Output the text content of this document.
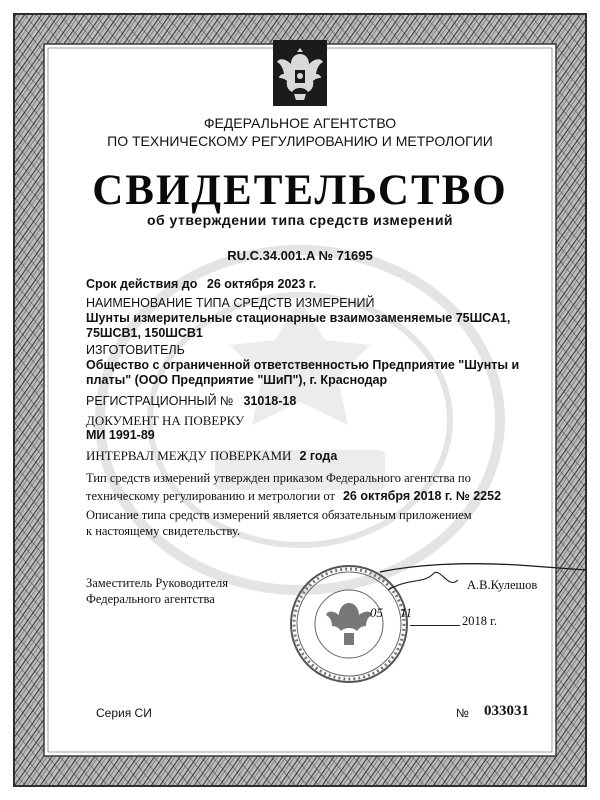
ФЕДЕРАЛЬНОЕ АГЕНТСТВО
ПО ТЕХНИЧЕСКОМУ РЕГУЛИРОВАНИЮ И МЕТРОЛОГИИ
СВИДЕТЕЛЬСТВО
об утверждении типа средств измерений
RU.C.34.001.A № 71695
Срок действия до 26 октября 2023 г.
НАИМЕНОВАНИЕ ТИПА СРЕДСТВ ИЗМЕРЕНИЙ
Шунты измерительные стационарные взаимозаменяемые 75ШСА1,
75ШСВ1, 150ШСВ1
ИЗГОТОВИТЕЛЬ
Общество с ограниченной ответственностью Предприятие "Шунты и
платы" (ООО Предприятие "ШиП"), г. Краснодар
РЕГИСТРАЦИОННЫЙ № 31018-18
ДОКУМЕНТ НА ПОВЕРКУ
МИ 1991-89
ИНТЕРВАЛ МЕЖДУ ПОВЕРКАМИ 2 года
Тип средств измерений утвержден приказом Федерального агентства по
техническому регулированию и метрологии от 26 октября 2018 г. № 2252
Описание типа средств измерений является обязательным приложением
к настоящему свидетельству.
Заместитель Руководителя
Федерального агентства
А.В.Кулешов
05 11
2018 г.
Серия СИ	№ 033031
